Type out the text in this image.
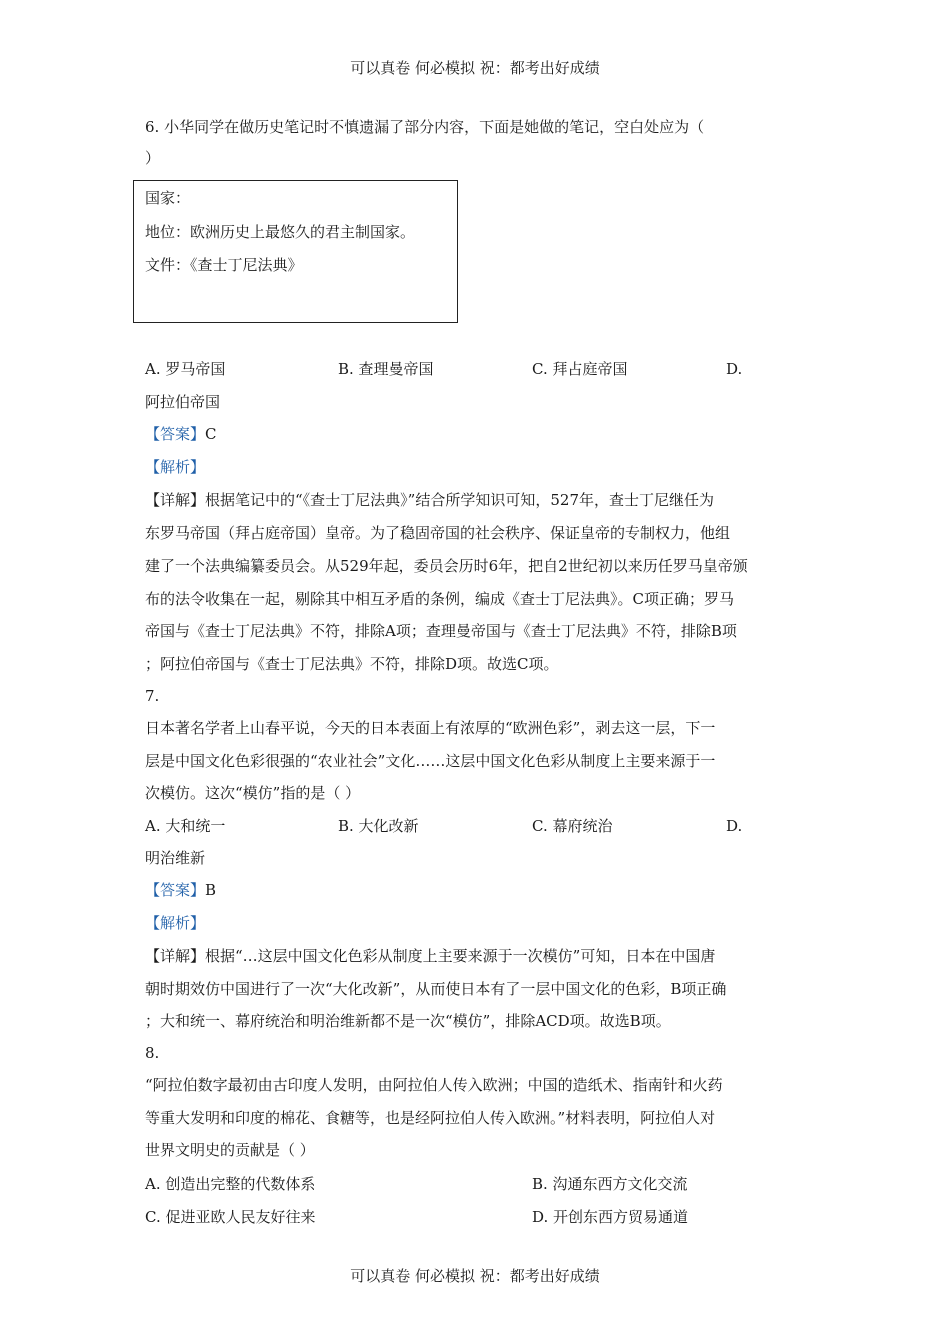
可以真卷 何必模拟 祝：都考出好成绩
可以真卷 何必模拟 祝：都考出好成绩
6. 小华同学在做历史笔记时不慎遗漏了部分内容，下面是她做的笔记，空白处应为（
）
国家：
地位：欧洲历史上最悠久的君主制国家。
文件：《查士丁尼法典》
A. 罗马帝国	B. 查理曼帝国	C. 拜占庭帝国	D.
阿拉伯帝国
【答案】C
【解析】
【详解】根据笔记中的“《查士丁尼法典》”结合所学知识可知，527年，查士丁尼继任为
东罗马帝国（拜占庭帝国）皇帝。为了稳固帝国的社会秩序、保证皇帝的专制权力，他组
建了一个法典编纂委员会。从529年起，委员会历时6年，把自2世纪初以来历任罗马皇帝颁
布的法令收集在一起，剔除其中相互矛盾的条例，编成《查士丁尼法典》。C项正确；罗马
帝国与《查士丁尼法典》不符，排除A项；查理曼帝国与《查士丁尼法典》不符，排除B项
；阿拉伯帝国与《查士丁尼法典》不符，排除D项。故选C项。
7.
日本著名学者上山春平说，今天的日本表面上有浓厚的“欧洲色彩”，剥去这一层，下一
层是中国文化色彩很强的“农业社会”文化……这层中国文化色彩从制度上主要来源于一
次模仿。这次“模仿”指的是（ ）
A. 大和统一	B. 大化改新	C. 幕府统治	D.
明治维新
【答案】B
【解析】
【详解】根据“…这层中国文化色彩从制度上主要来源于一次模仿”可知，日本在中国唐
朝时期效仿中国进行了一次“大化改新”，从而使日本有了一层中国文化的色彩，B项正确
；大和统一、幕府统治和明治维新都不是一次“模仿”，排除ACD项。故选B项。
8.
“阿拉伯数字最初由古印度人发明，由阿拉伯人传入欧洲；中国的造纸术、指南针和火药
等重大发明和印度的棉花、食糖等，也是经阿拉伯人传入欧洲。”材料表明，阿拉伯人对
世界文明史的贡献是（ ）
A. 创造出完整的代数体系	B. 沟通东西方文化交流
C. 促进亚欧人民友好往来	D. 开创东西方贸易通道
